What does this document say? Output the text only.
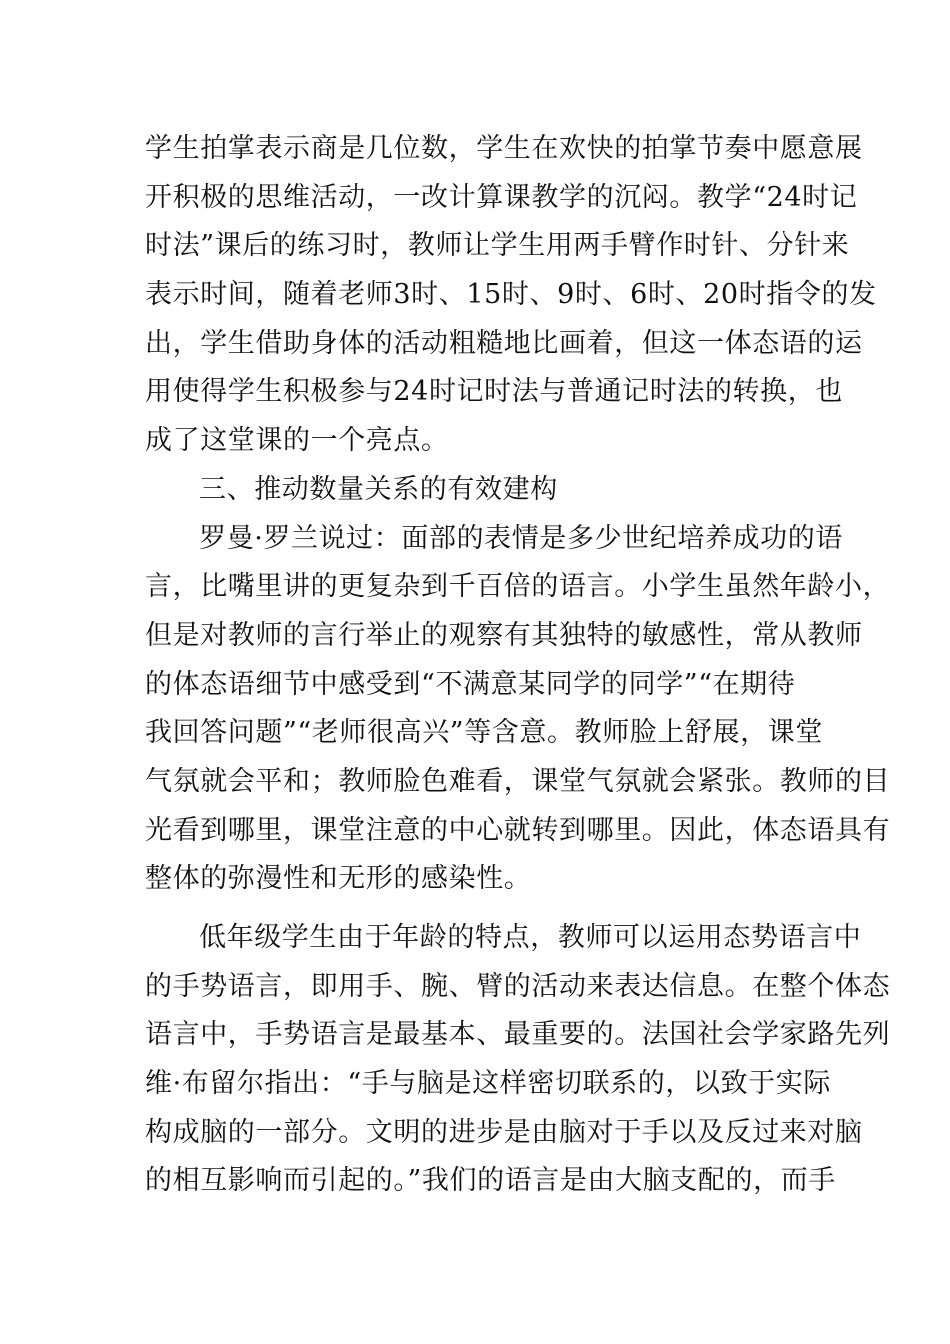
学生拍掌表示商是几位数，学生在欢快的拍掌节奏中愿意展
开积极的思维活动，一改计算课教学的沉闷。教学“24时记
时法”课后的练习时，教师让学生用两手臂作时针、分针来
表示时间，随着老师3时、15时、9时、6时、20时指令的发
出，学生借助身体的活动粗糙地比画着，但这一体态语的运
用使得学生积极参与24时记时法与普通记时法的转换，也
成了这堂课的一个亮点。
三、推动数量关系的有效建构
罗曼·罗兰说过：面部的表情是多少世纪培养成功的语
言，比嘴里讲的更复杂到千百倍的语言。小学生虽然年龄小，
但是对教师的言行举止的观察有其独特的敏感性，常从教师
的体态语细节中感受到“不满意某同学的同学”“在期待
我回答问题”“老师很高兴”等含意。教师脸上舒展，课堂
气氛就会平和；教师脸色难看，课堂气氛就会紧张。教师的目
光看到哪里，课堂注意的中心就转到哪里。因此，体态语具有
整体的弥漫性和无形的感染性。
低年级学生由于年龄的特点，教师可以运用态势语言中
的手势语言，即用手、腕、臂的活动来表达信息。在整个体态
语言中，手势语言是最基本、最重要的。法国社会学家路先列
维·布留尔指出：“手与脑是这样密切联系的，以致于实际
构成脑的一部分。文明的进步是由脑对于手以及反过来对脑
的相互影响而引起的。”我们的语言是由大脑支配的，而手
